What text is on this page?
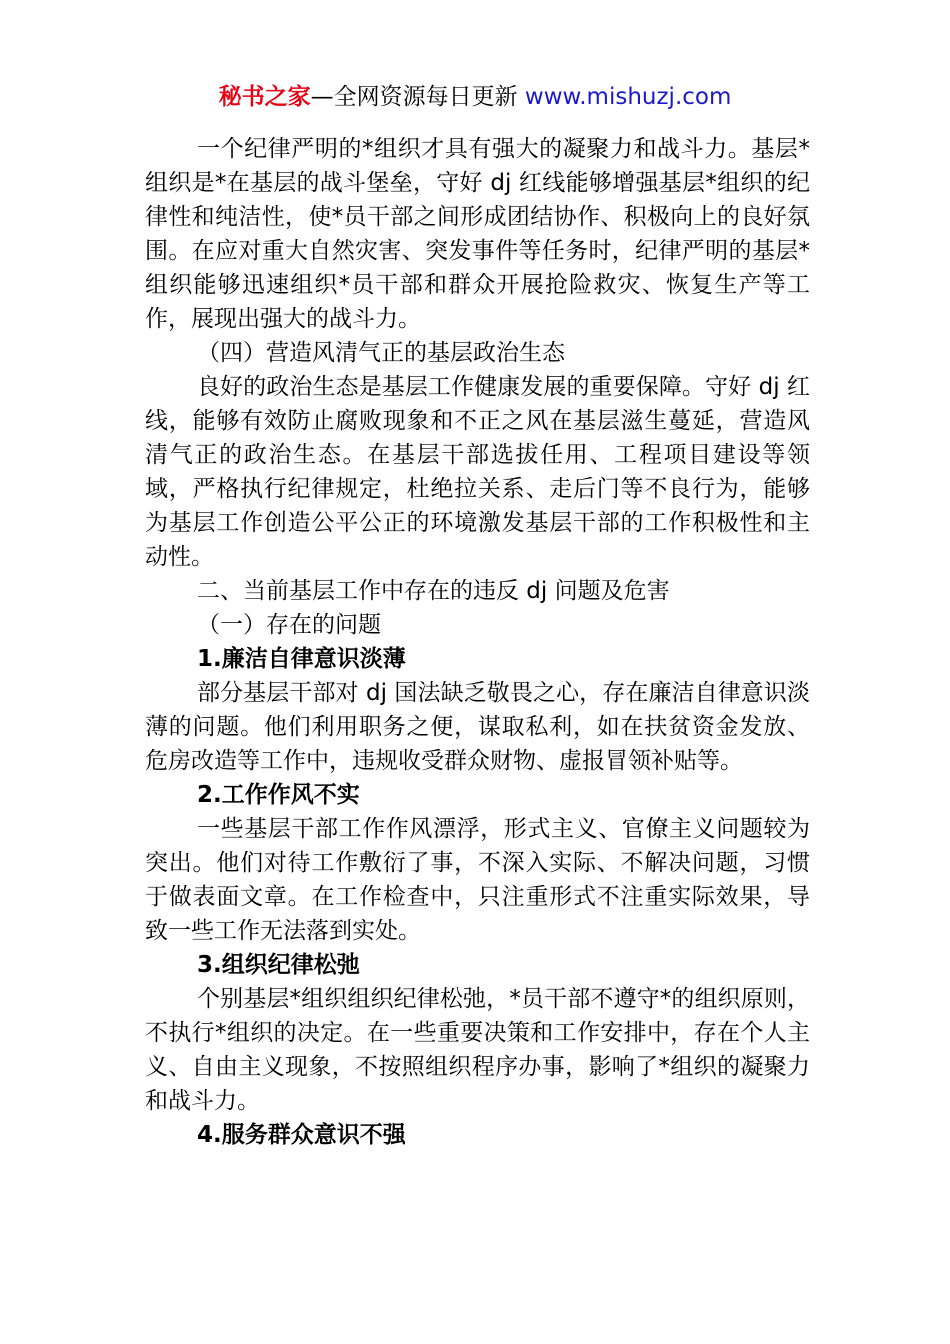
秘书之家—全网资源每日更新 www.mishuzj.com

一个纪律严明的*组织才具有强大的凝聚力和战斗力。基层*组织是*在基层的战斗堡垒，守好 dj 红线能够增强基层*组织的纪律性和纯洁性，使*员干部之间形成团结协作、积极向上的良好氛围。在应对重大自然灾害、突发事件等任务时，纪律严明的基层*组织能够迅速组织*员干部和群众开展抢险救灾、恢复生产等工作，展现出强大的战斗力。

（四）营造风清气正的基层政治生态

良好的政治生态是基层工作健康发展的重要保障。守好 dj 红线，能够有效防止腐败现象和不正之风在基层滋生蔓延，营造风清气正的政治生态。在基层干部选拔任用、工程项目建设等领域，严格执行纪律规定，杜绝拉关系、走后门等不良行为，能够为基层工作创造公平公正的环境激发基层干部的工作积极性和主动性。

二、当前基层工作中存在的违反 dj 问题及危害

（一）存在的问题

1.廉洁自律意识淡薄

部分基层干部对 dj 国法缺乏敬畏之心，存在廉洁自律意识淡薄的问题。他们利用职务之便，谋取私利，如在扶贫资金发放、危房改造等工作中，违规收受群众财物、虚报冒领补贴等。

2.工作作风不实

一些基层干部工作作风漂浮，形式主义、官僚主义问题较为突出。他们对待工作敷衍了事，不深入实际、不解决问题，习惯于做表面文章。在工作检查中，只注重形式不注重实际效果，导致一些工作无法落到实处。

3.组织纪律松弛

个别基层*组织组织纪律松弛，*员干部不遵守*的组织原则，不执行*组织的决定。在一些重要决策和工作安排中，存在个人主义、自由主义现象，不按照组织程序办事，影响了*组织的凝聚力和战斗力。

4.服务群众意识不强
